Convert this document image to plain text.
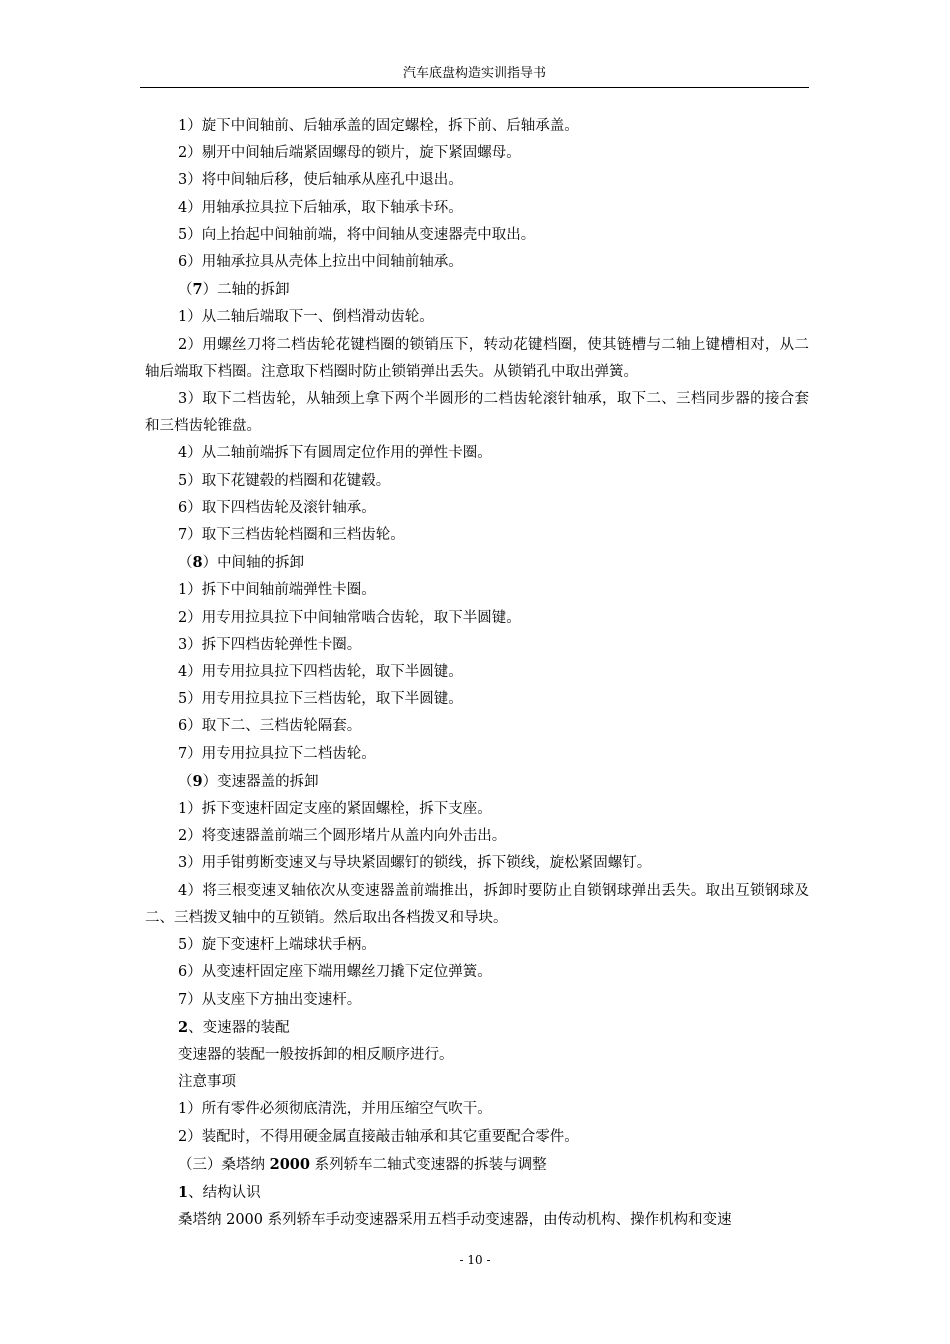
汽车底盘构造实训指导书

1）旋下中间轴前、后轴承盖的固定螺栓，拆下前、后轴承盖。

2）剔开中间轴后端紧固螺母的锁片，旋下紧固螺母。

3）将中间轴后移，使后轴承从座孔中退出。

4）用轴承拉具拉下后轴承，取下轴承卡环。

5）向上抬起中间轴前端，将中间轴从变速器壳中取出。

6）用轴承拉具从壳体上拉出中间轴前轴承。

（7）二轴的拆卸

1）从二轴后端取下一、倒档滑动齿轮。

2）用螺丝刀将二档齿轮花键档圈的锁销压下，转动花键档圈，使其链槽与二轴上键槽相对，从二轴后端取下档圈。注意取下档圈时防止锁销弹出丢失。从锁销孔中取出弹簧。

3）取下二档齿轮，从轴颈上拿下两个半圆形的二档齿轮滚针轴承，取下二、三档同步器的接合套和三档齿轮锥盘。

4）从二轴前端拆下有圆周定位作用的弹性卡圈。

5）取下花键毂的档圈和花键毂。

6）取下四档齿轮及滚针轴承。

7）取下三档齿轮档圈和三档齿轮。

（8）中间轴的拆卸

1）拆下中间轴前端弹性卡圈。

2）用专用拉具拉下中间轴常啮合齿轮，取下半圆键。

3）拆下四档齿轮弹性卡圈。

4）用专用拉具拉下四档齿轮，取下半圆键。

5）用专用拉具拉下三档齿轮，取下半圆键。

6）取下二、三档齿轮隔套。

7）用专用拉具拉下二档齿轮。

（9）变速器盖的拆卸

1）拆下变速杆固定支座的紧固螺栓，拆下支座。

2）将变速器盖前端三个圆形堵片从盖内向外击出。

3）用手钳剪断变速叉与导块紧固螺钉的锁线，拆下锁线，旋松紧固螺钉。

4）将三根变速叉轴依次从变速器盖前端推出，拆卸时要防止自锁钢球弹出丢失。取出互锁钢球及二、三档拨叉轴中的互锁销。然后取出各档拨叉和导块。

5）旋下变速杆上端球状手柄。

6）从变速杆固定座下端用螺丝刀撬下定位弹簧。

7）从支座下方抽出变速杆。

2、变速器的装配

变速器的装配一般按拆卸的相反顺序进行。

注意事项

1）所有零件必须彻底清洗，并用压缩空气吹干。

2）装配时，不得用硬金属直接敲击轴承和其它重要配合零件。

（三）桑塔纳 2000 系列轿车二轴式变速器的拆装与调整

1、结构认识

桑塔纳 2000 系列轿车手动变速器采用五档手动变速器，由传动机构、操作机构和变速

- 10 -
